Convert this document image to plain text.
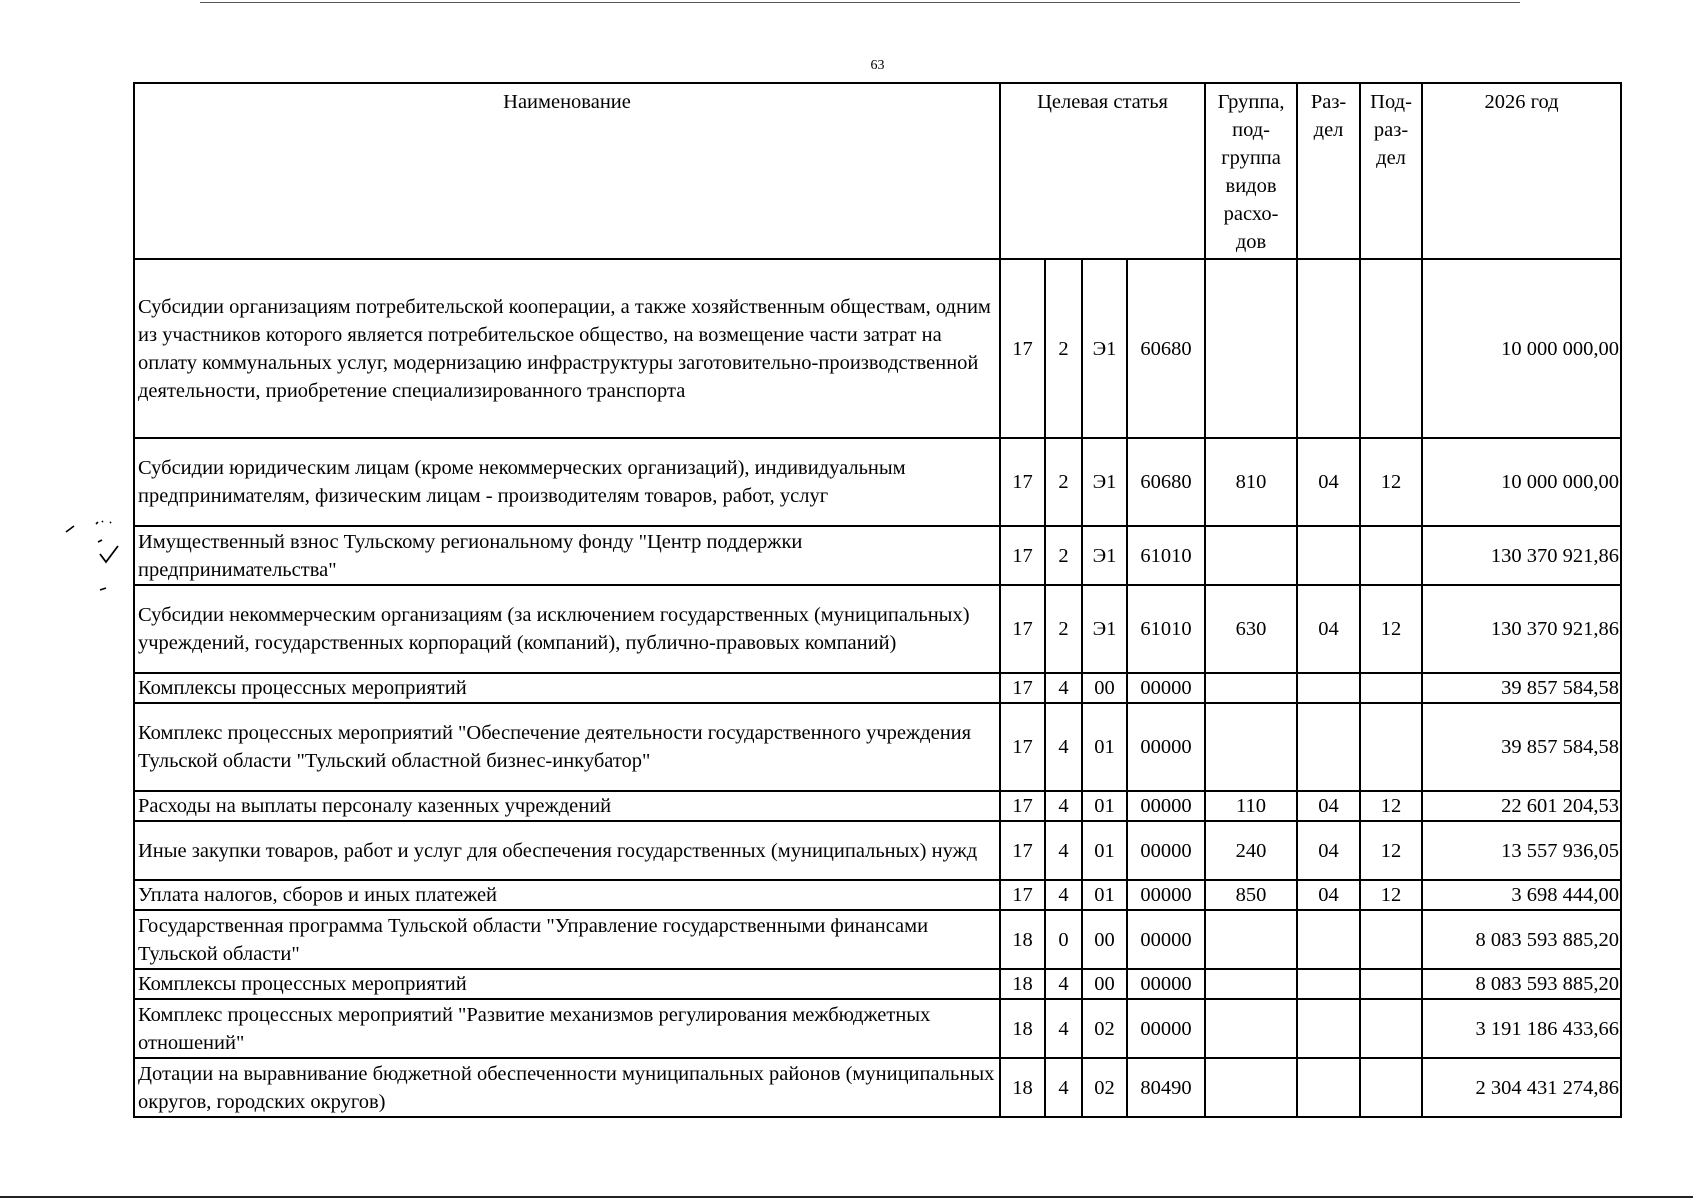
63
Наименование	Целевая статья				Группа, под- группа видов расхо- дов	Раз- дел	Под- раз- дел	2026 год
Субсидии организациям потребительской кооперации, а также хозяйственным обществам, одним из участников которого является потребительское общество, на возмещение части затрат на оплату коммунальных услуг, модернизацию инфраструктуры заготовительно-производственной деятельности, приобретение специализированного транспорта	17	2	Э1	60680				10 000 000,00
Субсидии юридическим лицам (кроме некоммерческих организаций), индивидуальным предпринимателям, физическим лицам - производителям товаров, работ, услуг	17	2	Э1	60680	810	04	12	10 000 000,00
Имущественный взнос Тульскому региональному фонду "Центр поддержки предпринимательства"	17	2	Э1	61010				130 370 921,86
Субсидии некоммерческим организациям (за исключением государственных (муниципальных) учреждений, государственных корпораций (компаний), публично-правовых компаний)	17	2	Э1	61010	630	04	12	130 370 921,86
Комплексы процессных мероприятий	17	4	00	00000				39 857 584,58
Комплекс процессных мероприятий "Обеспечение деятельности государственного учреждения Тульской области "Тульский областной бизнес-инкубатор"	17	4	01	00000				39 857 584,58
Расходы на выплаты персоналу казенных учреждений	17	4	01	00000	110	04	12	22 601 204,53
Иные закупки товаров, работ и услуг для обеспечения государственных (муниципальных) нужд	17	4	01	00000	240	04	12	13 557 936,05
Уплата налогов, сборов и иных платежей	17	4	01	00000	850	04	12	3 698 444,00
Государственная программа Тульской области "Управление государственными финансами Тульской области"	18	0	00	00000				8 083 593 885,20
Комплексы процессных мероприятий	18	4	00	00000				8 083 593 885,20
Комплекс процессных мероприятий "Развитие механизмов регулирования межбюджетных отношений"	18	4	02	00000				3 191 186 433,66
Дотации на выравнивание бюджетной обеспеченности муниципальных районов (муниципальных округов, городских округов)	18	4	02	80490				2 304 431 274,86
